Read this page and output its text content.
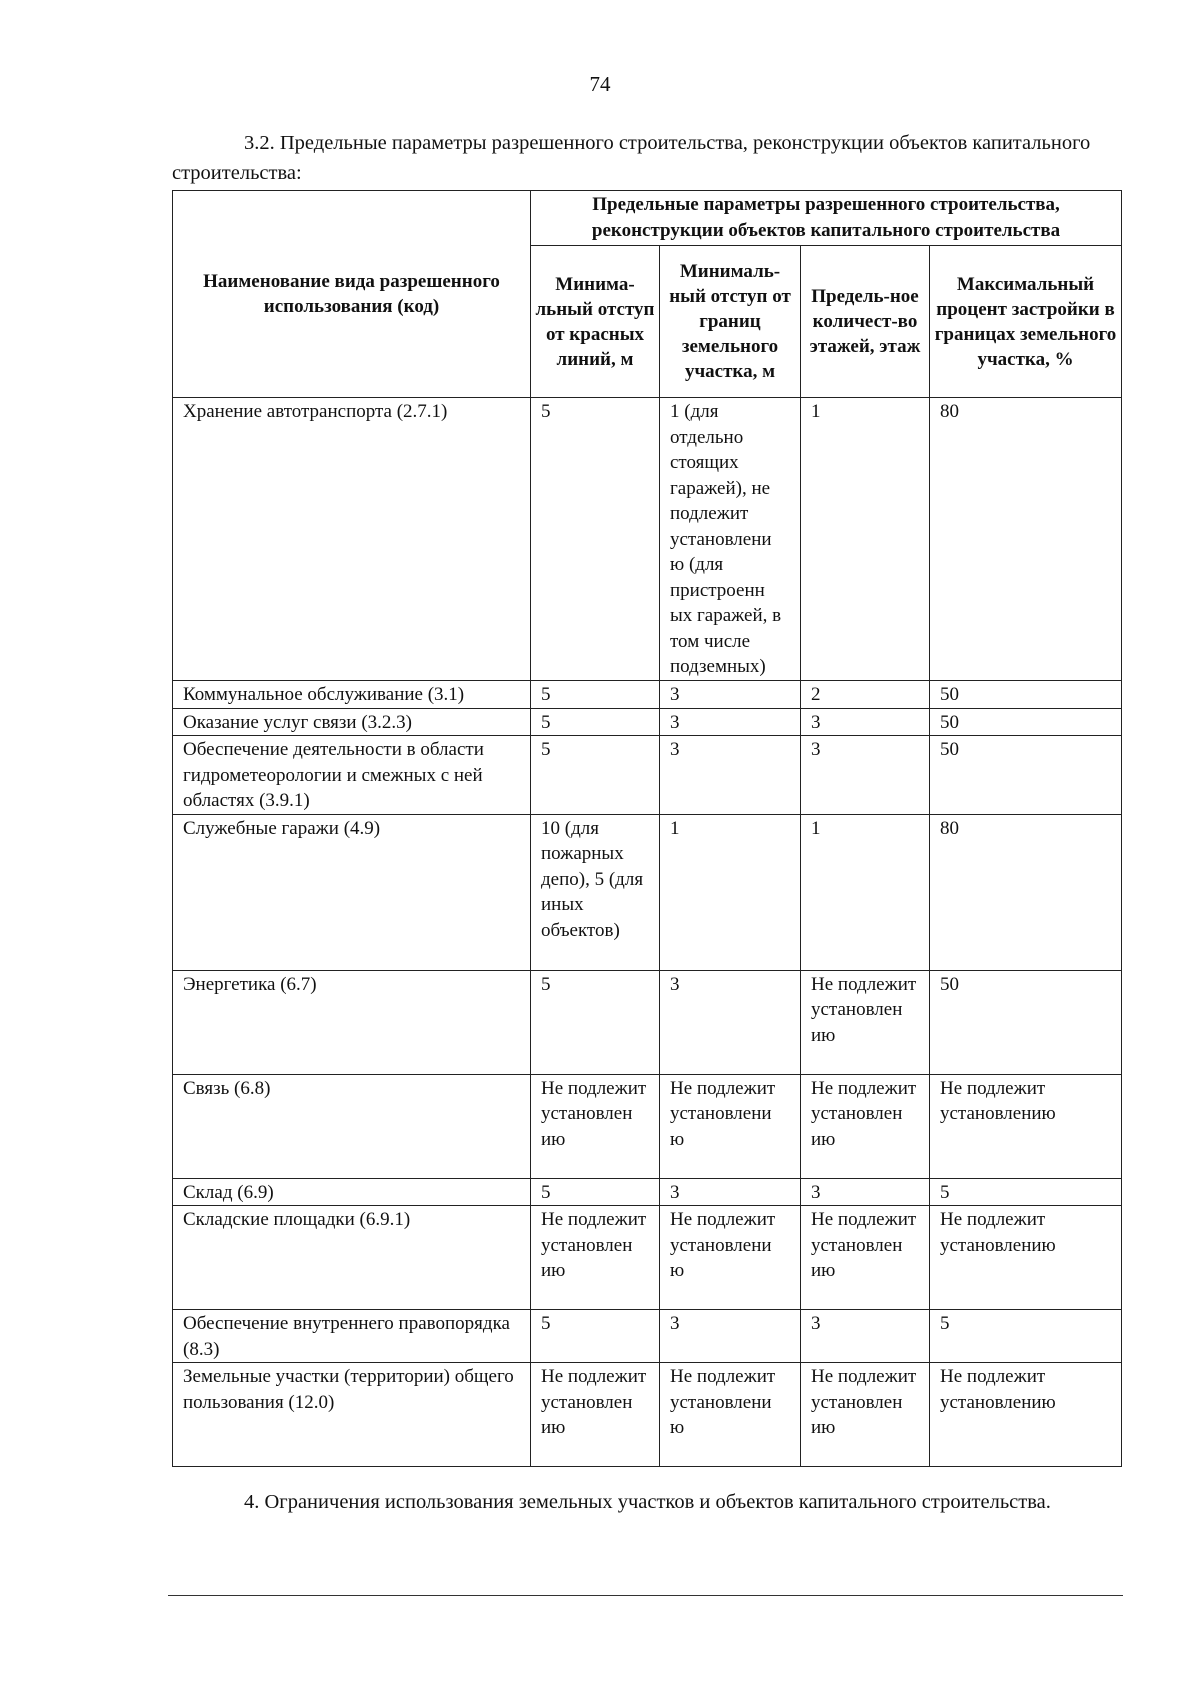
74

3.2. Предельные параметры разрешенного строительства, реконструкции объектов капитального строительства:

Наименование вида разрешенного использования (код)	Предельные параметры разрешенного строительства, реконструкции объектов капитального строительства			
	Минима-льный отступ от красных линий, м	Минималь-ный отступ от границ земельного участка, м	Предель-ное количест-во этажей, этаж	Максимальный процент застройки в границах земельного участка, %
Хранение автотранспорта (2.7.1)	5	1 (для отдельно стоящих гаражей), не подлежит установлени ю (для пристроенн ых гаражей, в том числе подземных)	1	80
Коммунальное обслуживание (3.1)	5	3	2	50
Оказание услуг связи (3.2.3)	5	3	3	50
Обеспечение деятельности в области гидрометеорологии и смежных с ней областях (3.9.1)	5	3	3	50
Служебные гаражи (4.9)	10 (для пожарных депо), 5 (для иных объектов)	1	1	80
Энергетика (6.7)	5	3	Не подлежит установлен ию	50
Связь (6.8)	Не подлежит установлен ию	Не подлежит установлени ю	Не подлежит установлен ию	Не подлежит установлению
Склад (6.9)	5	3	3	5
Складские площадки (6.9.1)	Не подлежит установлен ию	Не подлежит установлени ю	Не подлежит установлен ию	Не подлежит установлению
Обеспечение внутреннего правопорядка (8.3)	5	3	3	5
Земельные участки (территории) общего пользования (12.0)	Не подлежит установлен ию	Не подлежит установлени ю	Не подлежит установлен ию	Не подлежит установлению

4. Ограничения использования земельных участков и объектов капитального строительства.
